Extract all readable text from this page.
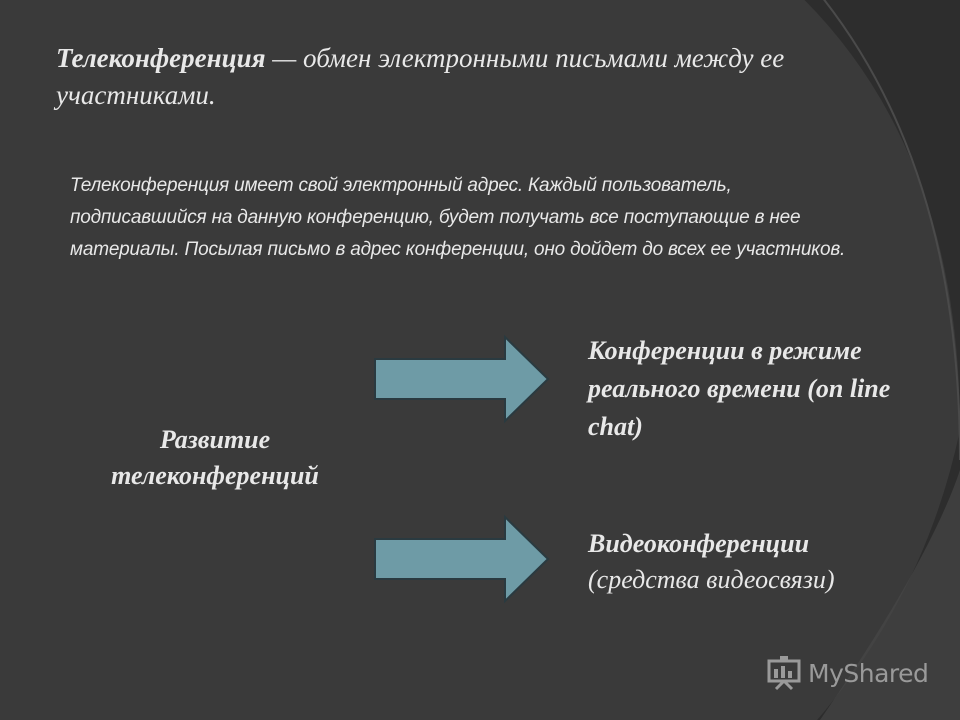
Телеконференция — обмен электронными письмами между ее участниками.
Телеконференция имеет свой электронный адрес. Каждый пользователь, подписавшийся на данную конференцию, будет получать все поступающие в нее материалы. Посылая письмо в адрес конференции, оно дойдет до всех ее участников.
Развитие телеконференций
Конференции в режиме реального времени (on line chat)
Видеоконференции
(средства видеосвязи)
MyShared
